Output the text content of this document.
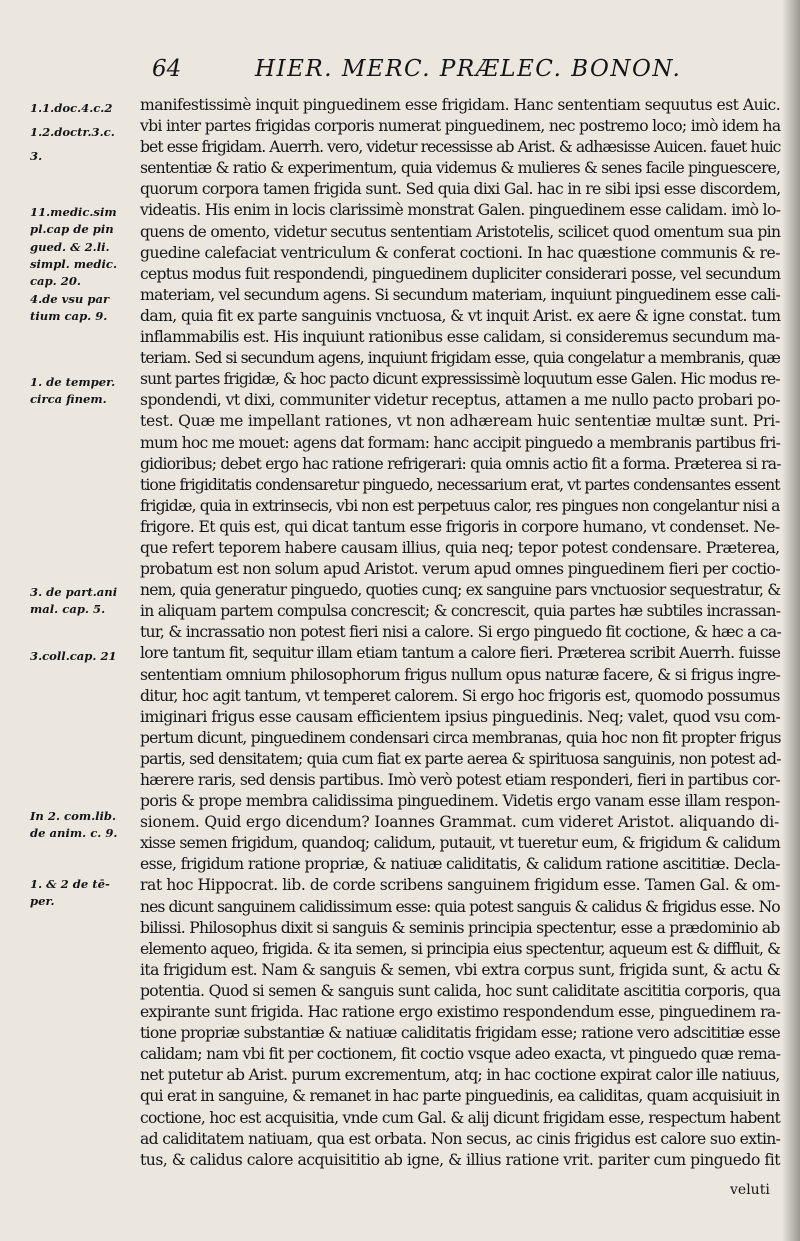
64	HIER. MERC. PRÆLEC. BONON.
1.1.doc.4.c.2
1.2.doctr.3.c.
3.
11.medic.sim
pl.cap de pin
gued. & 2.li.
simpl. medic.
cap. 20.
4.de vsu par
tium cap. 9.
1. de temper.
circa finem.
3. de part.ani
mal. cap. 5.
3.coll.cap. 21
In 2. com.lib.
de anim. c. 9.
1. & 2 de tē-
per.
manifestissimè inquit pinguedinem esse frigidam. Hanc sententiam sequutus est Auic.
vbi inter partes frigidas corporis numerat pinguedinem, nec postremo loco; imò idem ha
bet esse frigidam. Auerrh. vero, videtur recessisse ab Arist. & adhæsisse Auicen. fauet huic
sententiæ & ratio & experimentum, quia videmus & mulieres & senes facile pinguescere,
quorum corpora tamen frigida sunt. Sed quia dixi Gal. hac in re sibi ipsi esse discordem,
videatis. His enim in locis clarissimè monstrat Galen. pinguedinem esse calidam. imò lo-
quens de omento, videtur secutus sententiam Aristotelis, scilicet quod omentum sua pin
guedine calefaciat ventriculum & conferat coctioni. In hac quæstione communis & re-
ceptus modus fuit respondendi, pinguedinem dupliciter considerari posse, vel secundum
materiam, vel secundum agens. Si secundum materiam, inquiunt pinguedinem esse cali-
dam, quia fit ex parte sanguinis vnctuosa, & vt inquit Arist. ex aere & igne constat. tum
inflammabilis est. His inquiunt rationibus esse calidam, si consideremus secundum ma-
teriam. Sed si secundum agens, inquiunt frigidam esse, quia congelatur a membranis, quæ
sunt partes frigidæ, & hoc pacto dicunt expressissimè loquutum esse Galen. Hic modus re-
spondendi, vt dixi, communiter videtur receptus, attamen a me nullo pacto probari po-
test. Quæ me impellant rationes, vt non adhæream huic sententiæ multæ sunt. Pri-
mum hoc me mouet: agens dat formam: hanc accipit pinguedo a membranis partibus fri-
gidioribus; debet ergo hac ratione refrigerari: quia omnis actio fit a forma. Præterea si ra-
tione frigiditatis condensaretur pinguedo, necessarium erat, vt partes condensantes essent
frigidæ, quia in extrinsecis, vbi non est perpetuus calor, res pingues non congelantur nisi a
frigore. Et quis est, qui dicat tantum esse frigoris in corpore humano, vt condenset. Ne-
que refert teporem habere causam illius, quia neq; tepor potest condensare. Præterea,
probatum est non solum apud Aristot. verum apud omnes pinguedinem fieri per coctio-
nem, quia generatur pinguedo, quoties cunq; ex sanguine pars vnctuosior sequestratur, &
in aliquam partem compulsa concrescit; & concrescit, quia partes hæ subtiles incrassan-
tur, & incrassatio non potest fieri nisi a calore. Si ergo pinguedo fit coctione, & hæc a ca-
lore tantum fit, sequitur illam etiam tantum a calore fieri. Præterea scribit Auerrh. fuisse
sententiam omnium philosophorum frigus nullum opus naturæ facere, & si frigus ingre-
ditur, hoc agit tantum, vt temperet calorem. Si ergo hoc frigoris est, quomodo possumus
imiginari frigus esse causam efficientem ipsius pinguedinis. Neq; valet, quod vsu com-
pertum dicunt, pinguedinem condensari circa membranas, quia hoc non fit propter frigus
partis, sed densitatem; quia cum fiat ex parte aerea & spirituosa sanguinis, non potest ad-
hærere raris, sed densis partibus. Imò verò potest etiam responderi, fieri in partibus cor-
poris & prope membra calidissima pinguedinem. Videtis ergo vanam esse illam respon-
sionem. Quid ergo dicendum? Ioannes Grammat. cum videret Aristot. aliquando di-
xisse semen frigidum, quandoq; calidum, putauit, vt tueretur eum, & frigidum & calidum
esse, frigidum ratione propriæ, & natiuæ caliditatis, & calidum ratione ascititiæ. Decla-
rat hoc Hippocrat. lib. de corde scribens sanguinem frigidum esse. Tamen Gal. & om-
nes dicunt sanguinem calidissimum esse: quia potest sanguis & calidus & frigidus esse. No
bilissi. Philosophus dixit si sanguis & seminis principia spectentur, esse a prædominio ab
elemento aqueo, frigida. & ita semen, si principia eius spectentur, aqueum est & diffluit, &
ita frigidum est. Nam & sanguis & semen, vbi extra corpus sunt, frigida sunt, & actu &
potentia. Quod si semen & sanguis sunt calida, hoc sunt caliditate ascititia corporis, qua
expirante sunt frigida. Hac ratione ergo existimo respondendum esse, pinguedinem ra-
tione propriæ substantiæ & natiuæ caliditatis frigidam esse; ratione vero adscititiæ esse
calidam; nam vbi fit per coctionem, fit coctio vsque adeo exacta, vt pinguedo quæ rema-
net putetur ab Arist. purum excrementum, atq; in hac coctione expirat calor ille natiuus,
qui erat in sanguine, & remanet in hac parte pinguedinis, ea caliditas, quam acquisiuit in
coctione, hoc est acquisitia, vnde cum Gal. & alij dicunt frigidam esse, respectum habent
ad caliditatem natiuam, qua est orbata. Non secus, ac cinis frigidus est calore suo extin-
tus, & calidus calore acquisititio ab igne, & illius ratione vrit. pariter cum pinguedo fit
veluti
